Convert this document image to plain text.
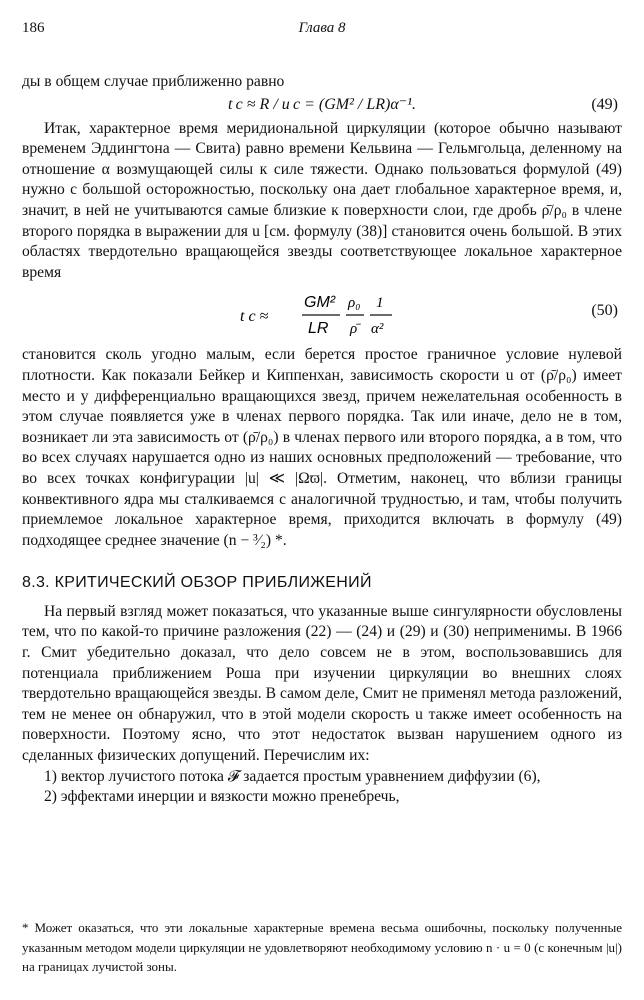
186	Глава 8

ды в общем случае приближенно равно

t c ≈ R / u c = (GM² / LR)α⁻¹.	(49)

Итак, характерное время меридиональной циркуляции (которое обычно называют временем Эддингтона — Свита) равно времени Кельвина — Гельмгольца, деленному на отношение α возмущающей силы к силе тяжести. Однако пользоваться формулой (49) нужно с большой осторожностью, поскольку она дает глобальное характерное время, и, значит, в ней не учитываются самые близкие к поверхности слои, где дробь ρ̄/ρ₀ в члене второго порядка в выражении для u [см. формулу (38)] становится очень большой. В этих областях твердотельно вращающейся звезды соответствующее локальное характерное время

t c ≈
GM²
LR
ρ₀
ρ̄
1
α²
(50)

становится сколь угодно малым, если берется простое граничное условие нулевой плотности. Как показали Бейкер и Киппенхан, зависимость скорости u от (ρ̄/ρ₀) имеет место и у дифференциально вращающихся звезд, причем нежелательная особенность в этом случае появляется уже в членах первого порядка. Так или иначе, дело не в том, возникает ли эта зависимость от (ρ̄/ρ₀) в членах первого или второго порядка, а в том, что во всех случаях нарушается одно из наших основных предположений — требование, что во всех точках конфигурации |u| ≪ |Ωϖ|. Отметим, наконец, что вблизи границы конвективного ядра мы сталкиваемся с аналогичной трудностью, и там, чтобы получить приемлемое локальное характерное время, приходится включать в формулу (49) подходящее среднее значение (n − ³⁄₂) *.

8.3. КРИТИЧЕСКИЙ ОБЗОР ПРИБЛИЖЕНИЙ

На первый взгляд может показаться, что указанные выше сингулярности обусловлены тем, что по какой-то причине разложения (22) — (24) и (29) и (30) неприменимы. В 1966 г. Смит убедительно доказал, что дело совсем не в этом, воспользовавшись для потенциала приближением Роша при изучении циркуляции во внешних слоях твердотельно вращающейся звезды. В самом деле, Смит не применял метода разложений, тем не менее он обнаружил, что в этой модели скорость u также имеет особенность на поверхности. Поэтому ясно, что этот недостаток вызван нарушением одного из сделанных физических допущений. Перечислим их:

1) вектор лучистого потока 𝓕 задается простым уравнением диффузии (6),

2) эффектами инерции и вязкости можно пренебречь,

* Может оказаться, что эти локальные характерные времена весьма ошибочны, поскольку полученные указанным методом модели циркуляции не удовлетворяют необходимому условию n · u = 0 (с конечным |u|) на границах лучистой зоны.
